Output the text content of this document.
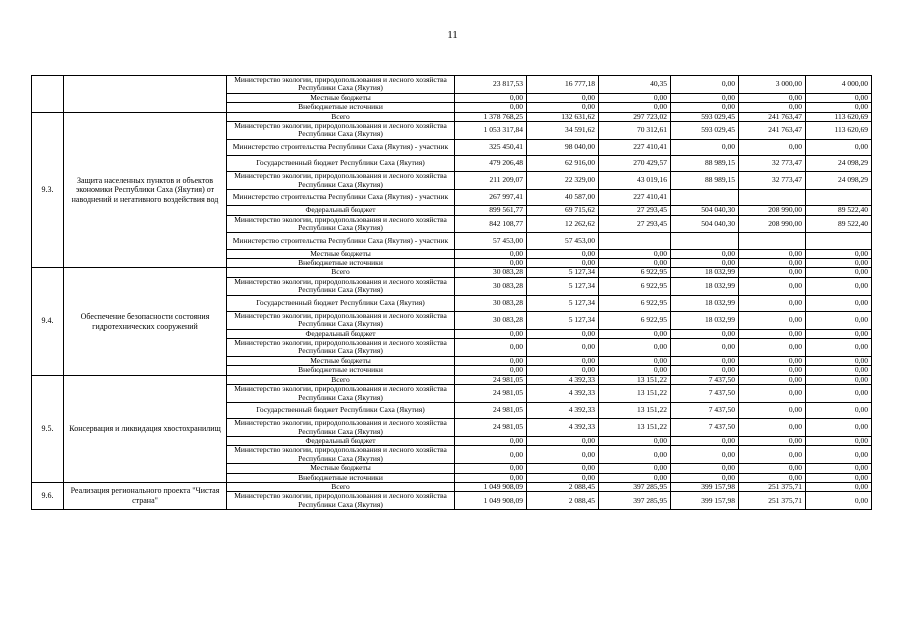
11
		Министерство экологии, природопользования и лесного хозяйства Республики Саха (Якутия)	23 817,53	16 777,18	40,35	0,00	3 000,00	4 000,00
		Местные бюджеты	0,00	0,00	0,00	0,00	0,00	0,00
		Внебюджетные источники	0,00	0,00	0,00	0,00	0,00	0,00
9.3.	Защита населенных пунктов и объектов экономики Республики Саха (Якутия) от наводнений и негативного воздействия вод	Всего	1 378 768,25	132 631,62	297 723,02	593 029,45	241 763,47	113 620,69
		Министерство экологии, природопользования и лесного хозяйства Республики Саха (Якутия)	1 053 317,84	34 591,62	70 312,61	593 029,45	241 763,47	113 620,69
		Министерство строительства Республики Саха (Якутия) - участник	325 450,41	98 040,00	227 410,41	0,00	0,00	0,00
		Государственный бюджет Республики Саха (Якутия)	479 206,48	62 916,00	270 429,57	88 989,15	32 773,47	24 098,29
		Министерство экологии, природопользования и лесного хозяйства Республики Саха (Якутия)	211 209,07	22 329,00	43 019,16	88 989,15	32 773,47	24 098,29
		Министерство строительства Республики Саха (Якутия) - участник	267 997,41	40 587,00	227 410,41			
		Федеральный бюджет	899 561,77	69 715,62	27 293,45	504 040,30	208 990,00	89 522,40
		Министерство экологии, природопользования и лесного хозяйства Республики Саха (Якутия)	842 108,77	12 262,62	27 293,45	504 040,30	208 990,00	89 522,40
		Министерство строительства Республики Саха (Якутия) - участник	57 453,00	57 453,00				
		Местные бюджеты	0,00	0,00	0,00	0,00	0,00	0,00
		Внебюджетные источники	0,00	0,00	0,00	0,00	0,00	0,00
9.4.	Обеспечение безопасности состояния гидротехнических сооружений	Всего	30 083,28	5 127,34	6 922,95	18 032,99	0,00	0,00
		Министерство экологии, природопользования и лесного хозяйства Республики Саха (Якутия)	30 083,28	5 127,34	6 922,95	18 032,99	0,00	0,00
		Государственный бюджет Республики Саха (Якутия)	30 083,28	5 127,34	6 922,95	18 032,99	0,00	0,00
		Министерство экологии, природопользования и лесного хозяйства Республики Саха (Якутия)	30 083,28	5 127,34	6 922,95	18 032,99	0,00	0,00
		Федеральный бюджет	0,00	0,00	0,00	0,00	0,00	0,00
		Министерство экологии, природопользования и лесного хозяйства Республики Саха (Якутия)	0,00	0,00	0,00	0,00	0,00	0,00
		Местные бюджеты	0,00	0,00	0,00	0,00	0,00	0,00
		Внебюджетные источники	0,00	0,00	0,00	0,00	0,00	0,00
9.5.	Консервация и ликвидация хвостохранилищ	Всего	24 981,05	4 392,33	13 151,22	7 437,50	0,00	0,00
		Министерство экологии, природопользования и лесного хозяйства Республики Саха (Якутия)	24 981,05	4 392,33	13 151,22	7 437,50	0,00	0,00
		Государственный бюджет Республики Саха (Якутия)	24 981,05	4 392,33	13 151,22	7 437,50	0,00	0,00
		Министерство экологии, природопользования и лесного хозяйства Республики Саха (Якутия)	24 981,05	4 392,33	13 151,22	7 437,50	0,00	0,00
		Федеральный бюджет	0,00	0,00	0,00	0,00	0,00	0,00
		Министерство экологии, природопользования и лесного хозяйства Республики Саха (Якутия)	0,00	0,00	0,00	0,00	0,00	0,00
		Местные бюджеты	0,00	0,00	0,00	0,00	0,00	0,00
		Внебюджетные источники	0,00	0,00	0,00	0,00	0,00	0,00
9.6.	Реализация регионального проекта "Чистая страна"	Всего	1 049 908,09	2 088,45	397 285,95	399 157,98	251 375,71	0,00
		Министерство экологии, природопользования и лесного хозяйства Республики Саха (Якутия)	1 049 908,09	2 088,45	397 285,95	399 157,98	251 375,71	0,00
